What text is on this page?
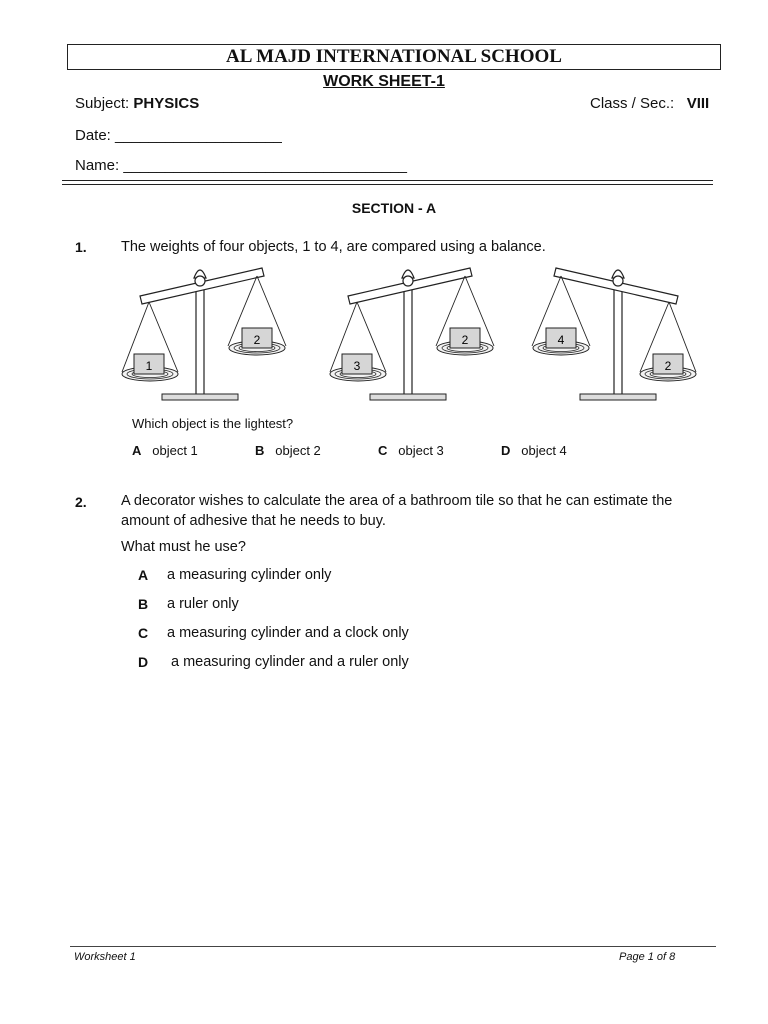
AL MAJD INTERNATIONAL SCHOOL
WORK SHEET-1
Subject: PHYSICS	Class / Sec.: VIII
Date: ____________________
Name: __________________________________
SECTION - A
1. The weights of four objects, 1 to 4, are compared using a balance.
1
2
3
2	4
2
Which object is the lightest?
A object 1	B object 2	C object 3	D object 4
2. A decorator wishes to calculate the area of a bathroom tile so that he can estimate the
amount of adhesive that he needs to buy.
What must he use?
A a measuring cylinder only
B a ruler only
C a measuring cylinder and a clock only
D a measuring cylinder and a ruler only
Worksheet 1	Page 1 of 8
